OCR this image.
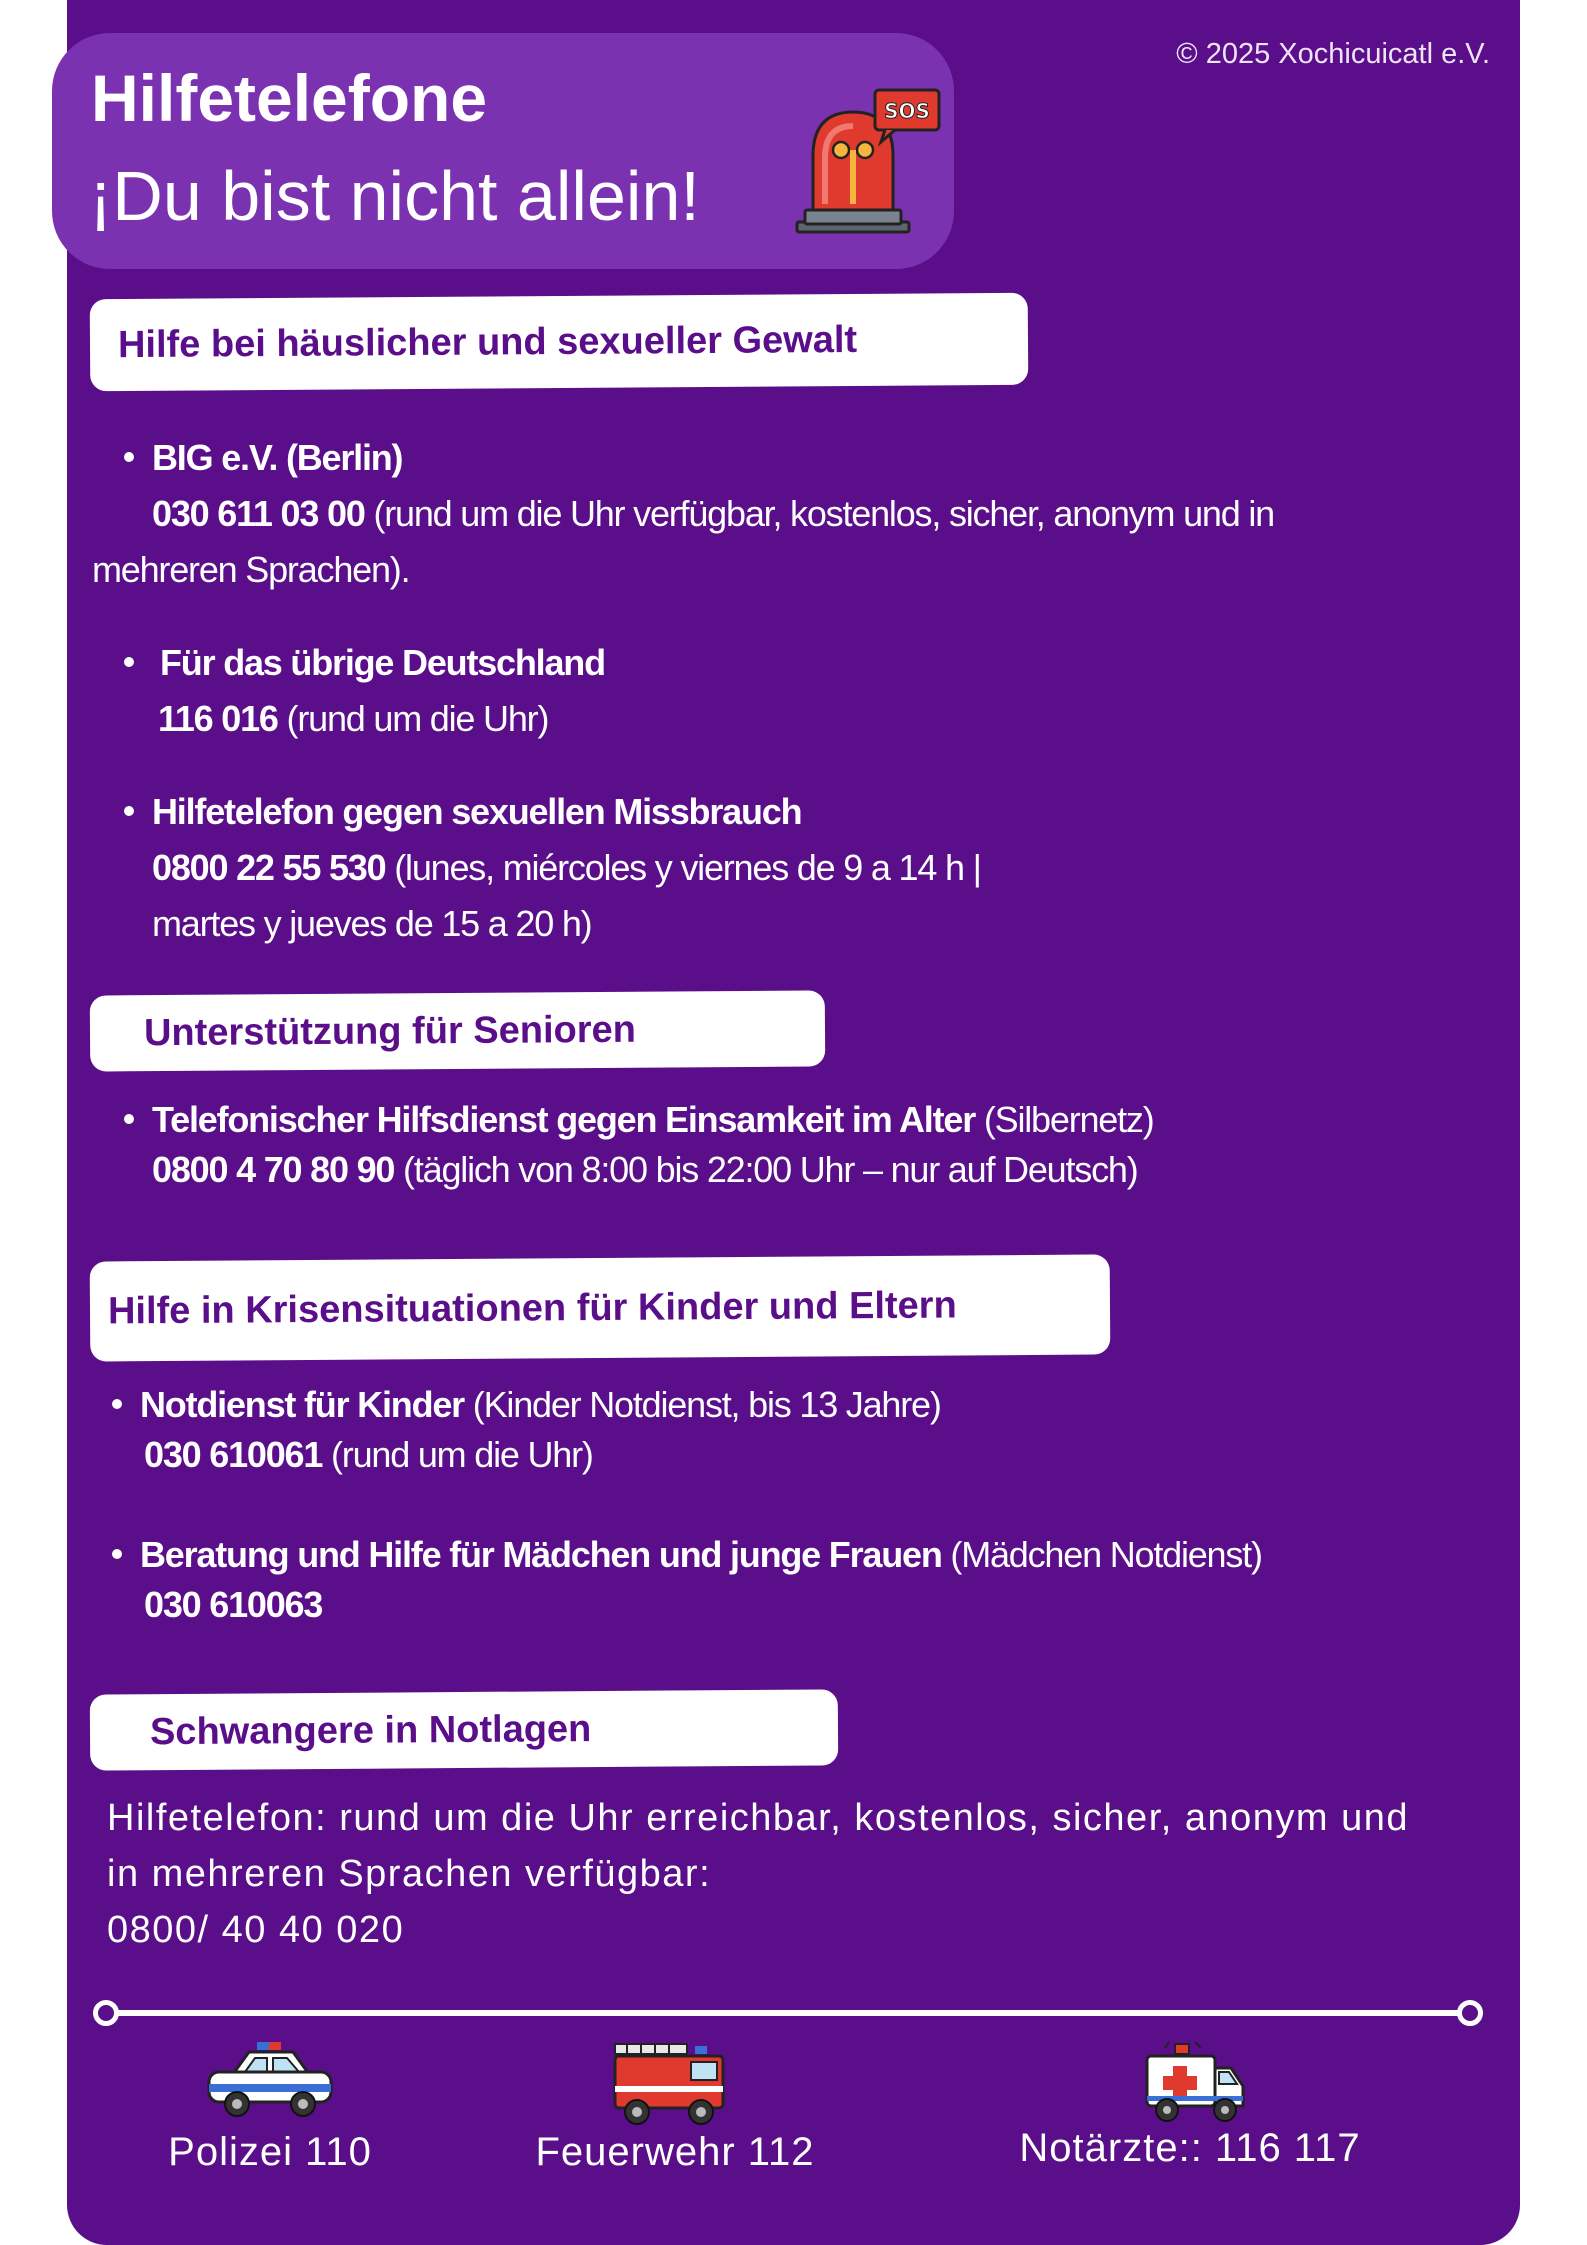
© 2025 Xochicuicatl e.V.
Hilfetelefone
¡Du bist nicht allein!
SOS
Hilfe bei häuslicher und sexueller Gewalt
BIG e.V. (Berlin)
030 611 03 00 (rund um die Uhr verfügbar, kostenlos, sicher, anonym und in
mehreren Sprachen).
Für das übrige Deutschland
116 016 (rund um die Uhr)
Hilfetelefon gegen sexuellen Missbrauch
0800 22 55 530 (lunes, miércoles y viernes de 9 a 14 h |
martes y jueves de 15 a 20 h)
Unterstützung für Senioren
Telefonischer Hilfsdienst gegen Einsamkeit im Alter (Silbernetz)
0800 4 70 80 90 (täglich von 8:00 bis 22:00 Uhr – nur auf Deutsch)
Hilfe in Krisensituationen für Kinder und Eltern
Notdienst für Kinder (Kinder Notdienst, bis 13 Jahre)
030 610061 (rund um die Uhr)
Beratung und Hilfe für Mädchen und junge Frauen (Mädchen Notdienst)
030 610063
Schwangere in Notlagen
Hilfetelefon: rund um die Uhr erreichbar, kostenlos, sicher, anonym und
in mehreren Sprachen verfügbar:
0800/ 40 40 020
Polizei 110	Feuerwehr 112	Notärzte:: 116 117
